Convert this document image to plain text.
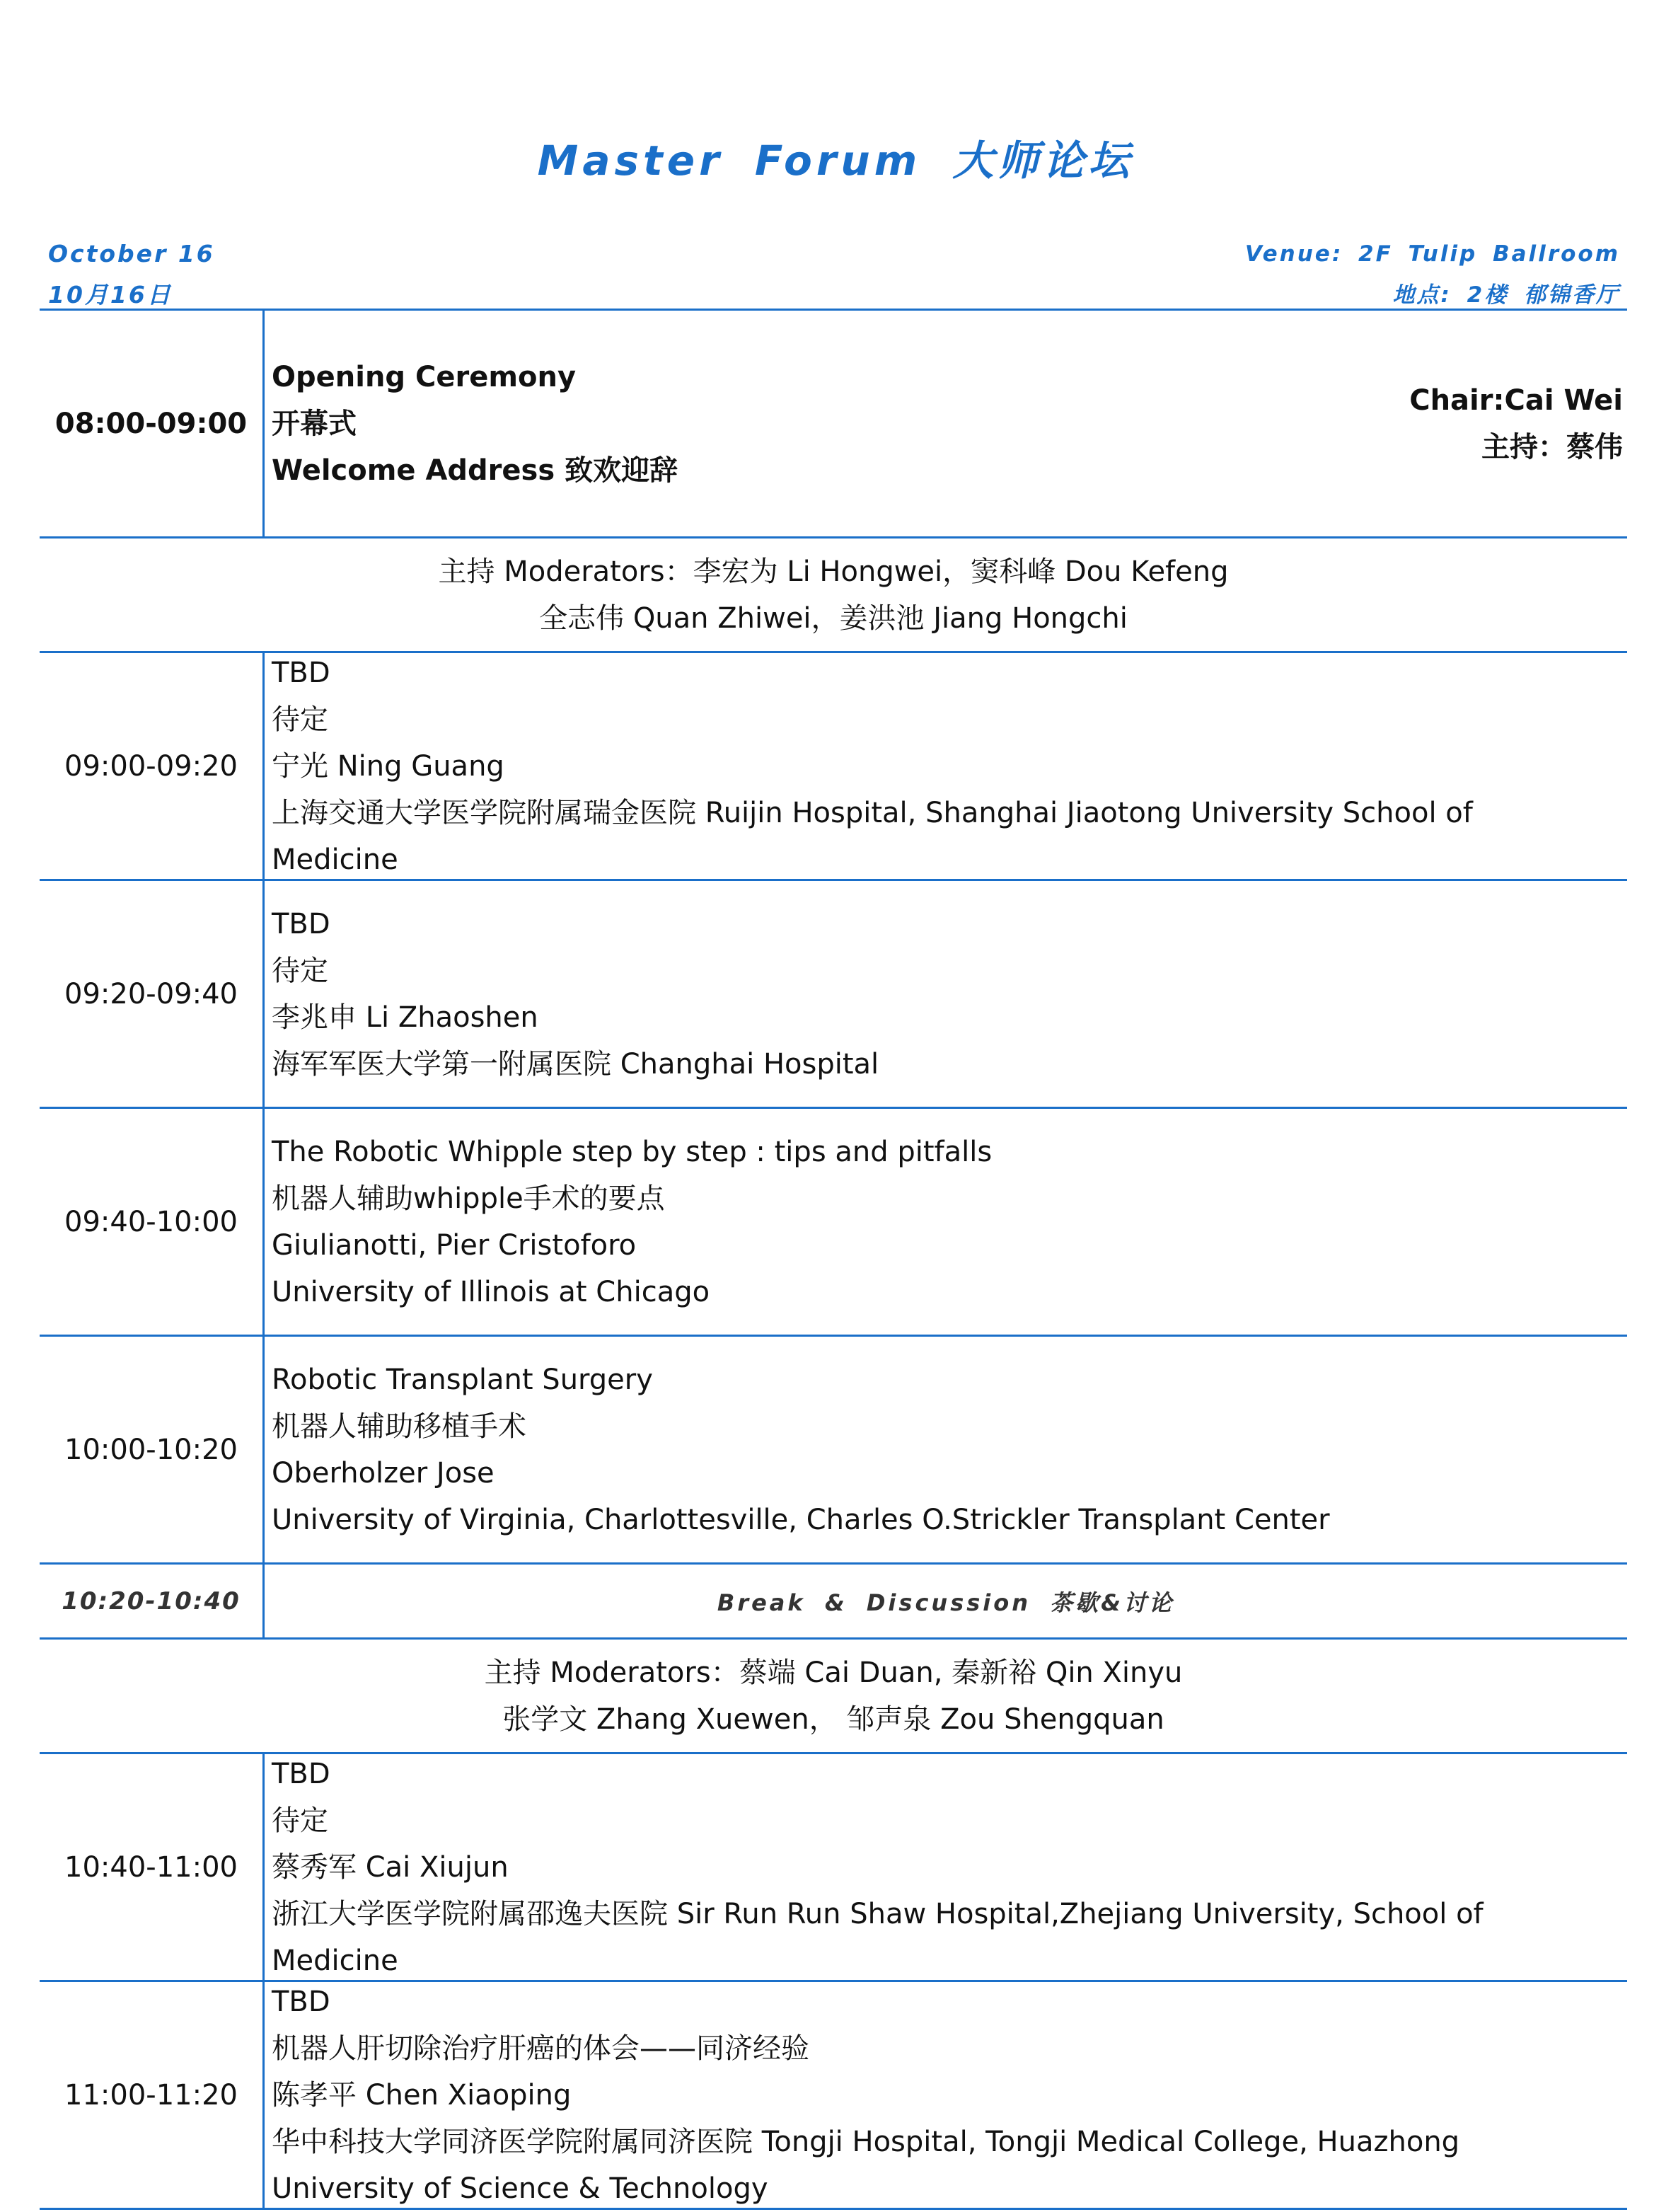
Master Forum 大师论坛
October 16
10月16日
Venue: 2F Tulip Ballroom
地点: 2楼 郁锦香厅
08:00-09:00
Opening Ceremony
开幕式
Welcome Address 致欢迎辞
Chair:Cai Wei
主持：蔡伟
主持 Moderators：李宏为 Li Hongwei，窦科峰 Dou Kefeng
全志伟 Quan Zhiwei，姜洪池 Jiang Hongchi
09:00-09:20
TBD
待定
宁光 Ning Guang
上海交通大学医学院附属瑞金医院 Ruijin Hospital, Shanghai Jiaotong University School of
Medicine
09:20-09:40
TBD
待定
李兆申 Li Zhaoshen
海军军医大学第一附属医院 Changhai Hospital
09:40-10:00
The Robotic Whipple step by step : tips and pitfalls
机器人辅助whipple手术的要点
Giulianotti, Pier Cristoforo
University of Illinois at Chicago
10:00-10:20
Robotic Transplant Surgery
机器人辅助移植手术
Oberholzer Jose
University of Virginia, Charlottesville, Charles O.Strickler Transplant Center
10:20-10:40	Break & Discussion 茶歇&讨论
主持 Moderators：蔡端 Cai Duan, 秦新裕 Qin Xinyu
张学文 Zhang Xuewen， 邹声泉 Zou Shengquan
10:40-11:00
TBD
待定
蔡秀军 Cai Xiujun
浙江大学医学院附属邵逸夫医院 Sir Run Run Shaw Hospital,Zhejiang University, School of
Medicine
11:00-11:20
TBD
机器人肝切除治疗肝癌的体会——同济经验
陈孝平 Chen Xiaoping
华中科技大学同济医学院附属同济医院 Tongji Hospital, Tongji Medical College, Huazhong
University of Science & Technology
